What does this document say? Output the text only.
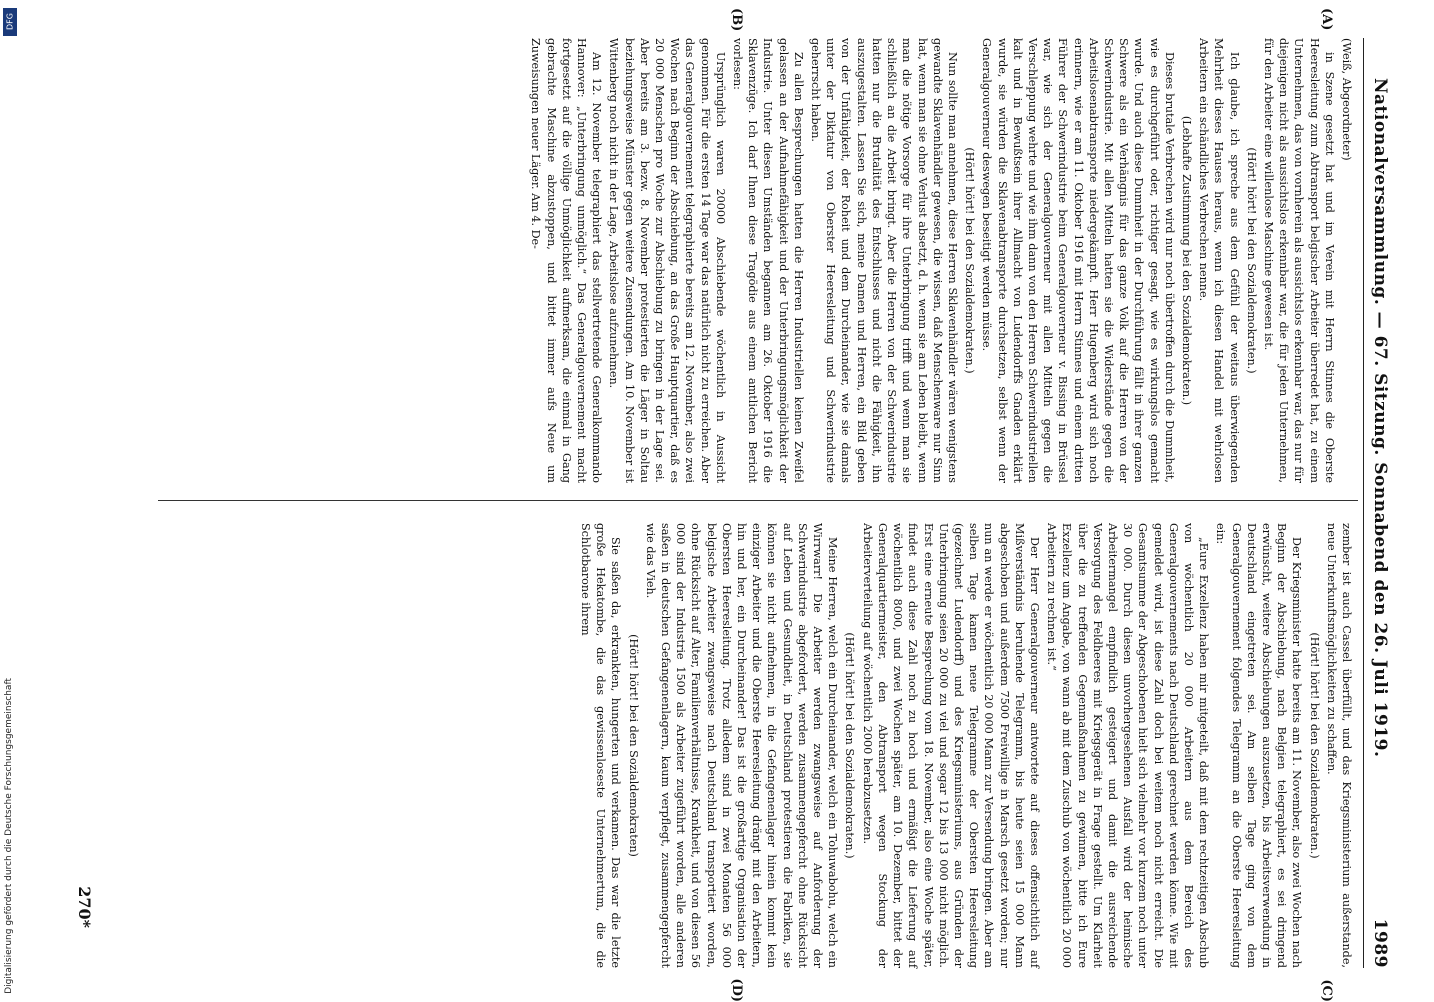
Nationalversammlung. — 67. Sitzung. Sonnabend den 26. Juli 1919.
1989
(A)
(B)
(C)
(D)

(Weiß, Abgeordneter)

in Szene gesetzt hat und im Verein mit Herrn Stinnes die Oberste Heeresleitung zum Abtransport belgischer Arbeiter überredet hat, zu einem Unternehmen, das von vornherein als aussichtslos erkennbar war, das nur für diejenigen nicht als aussichtslos erkennbar war, die für jeden Unternehmen, für den Arbeiter eine willenlose Maschine gewesen ist.

(Hört! hört! bei den Sozialdemokraten.)

Ich glaube, ich spreche aus dem Gefühl der weitaus überwiegenden Mehrheit dieses Hauses heraus, wenn ich diesen Handel mit wehrlosen Arbeitern ein schändliches Verbrechen nenne.

(Lebhafte Zustimmung bei den Sozialdemokraten.)

Dieses brutale Verbrechen wird nur noch übertroffen durch die Dummheit, wie es durchgeführt oder, richtiger gesagt, wie es wirkungslos gemacht wurde. Und auch diese Dummheit in der Durchführung fällt in ihrer ganzen Schwere als ein Verhängnis für das ganze Volk auf die Herren von der Schwerindustrie. Mit allen Mitteln hatten sie die Widerstände gegen die Arbeitslosenabtransporte niedergekämpft. Herr Hugenberg wird sich noch erinnern, wie er am 11. Oktober 1916 mit Herrn Stinnes und einem dritten Führer der Schwerindustrie beim Generalgouverneur v. Bissing in Brüssel war, wie sich der Generalgouverneur mit allen Mitteln gegen die Verschleppung wehrte und wie ihm dann von den Herren Schwerindustriellen kalt und in Bewußtsein ihrer Allmacht von Ludendorffs Gnaden erklärt wurde, sie würden die Sklavenabtransporte durchsetzen, selbst wenn der Generalgouverneur deswegen beseitigt werden müsse.

(Hört! hört! bei den Sozialdemokraten.)

Nun sollte man annehmen, diese Herren Sklavenhändler wären wenigstens gewandte Sklavenhändler gewesen, die wissen, daß Menschenware nur Sinn hat, wenn man sie ohne Verlust absetzt, d. h. wenn sie am Leben bleibt, wenn man die nötige Vorsorge für ihre Unterbringung trifft und wenn man sie schließlich an die Arbeit bringt. Aber die Herren von der Schwerindustrie hatten nur die Brutalität des Entschlusses und nicht die Fähigkeit, ihn auszugestalten. Lassen Sie sich, meine Damen und Herren, ein Bild geben von der Unfähigkeit, der Roheit und dem Durcheinander, wie sie damals unter der Diktatur von Oberster Heeresleitung und Schwerindustrie geherrscht haben.

Zu allen Besprechungen hatten die Herren Industriellen keinen Zweifel gelassen an der Aufnahmefähigkeit und der Unterbringungsmöglichkeit der Industrie. Unter diesen Umständen begannen am 26. Oktober 1916 die Sklavenzüge. Ich darf Ihnen diese Tragödie aus einem amtlichen Bericht vorlesen:

Ursprünglich waren 20000 Abschiebende wöchentlich in Aussicht genommen. Für die ersten 14 Tage war das natürlich nicht zu erreichen. Aber das Generalgouvernement telegraphierte bereits am 12. November, also zwei Wochen nach Beginn der Abschiebung, an das Große Hauptquartier, daß es 20 000 Menschen pro Woche zur Abschiebung zu bringen in der Lage sei. Aber bereits am 3. bezw. 8. November protestierten die Läger in Soltau beziehungsweise Münster gegen weitere Zusendungen. Am 10. November ist Wittenberg noch nicht in der Lage, Arbeitslose aufzunehmen.

Am 12. November telegraphiert das stellvertretende Generalkommando Hannover: „Unterbringung unmöglich.“ Das Generalgouvernement macht fortgesetzt auf die völlige Unmöglichkeit aufmerksam, die einmal in Gang gebrachte Maschine abzustoppen, und bittet immer aufs Neue um Zuweisungen neuer Läger. Am 4. De-

zember ist auch Cassel überfüllt, und das Kriegsministerium außerstande, neue Unterkunftsmöglichkeiten zu schaffen.

(Hört! hört! bei den Sozialdemokraten.)

Der Kriegsminister hatte bereits am 11. November, also zwei Wochen nach Beginn der Abschiebung, nach Belgien telegraphiert, es sei dringend erwünscht, weitere Abschiebungen auszusetzen, bis Arbeitsverwendung in Deutschland eingetreten sei. Am selben Tage ging von dem Generalgouvernement folgendes Telegramm an die Oberste Heeresleitung ein:

„Eure Exzellenz haben mir mitgeteilt, daß mit dem rechtzeitigen Abschub von wöchentlich 20 000 Arbeitern aus dem Bereich des Generalgouvernements nach Deutschland gerechnet werden könne. Wie mit gemeldet wird, ist diese Zahl doch bei weitem noch nicht erreicht. Die Gesamtsumme der Abgeschobenen hielt sich vielmehr vor kurzem noch unter 30 000. Durch diesen unvorhergesehenen Ausfall wird der heimische Arbeitermangel empfindlich gesteigert und damit die ausreichende Versorgung des Feldheeres mit Kriegsgerät in Frage gestellt. Um Klarheit über die zu treffenden Gegenmaßnahmen zu gewinnen, bitte ich Eure Exzellenz um Angabe, von wann ab mit dem Zuschub von wöchentlich 20 000 Arbeitern zu rechnen ist.“

Der Herr Generalgouverneur antwortete auf dieses offensichtlich auf Mißverständnis beruhende Telegramm, bis heute seien 15 000 Mann abgeschoben und außerdem 7500 Freiwillige in Marsch gesetzt worden; nur nun an werde er wöchentlich 20 000 Mann zur Versendung bringen. Aber am selben Tage kamen neue Telegramme der Obersten Heeresleitung (gezeichnet Ludendorff) und des Kriegsministeriums, aus Gründen der Unterbringung seien 20 000 zu viel und sogar 12 bis 13 000 nicht möglich. Erst eine erneute Besprechung vom 18. November, also eine Woche später, findet auch diese Zahl noch zu hoch und ermäßigt die Lieferung auf wöchentlich 8000, und zwei Wochen später, am 10. Dezember, bittet der Generalquartiermeister, den Abtransport wegen Stockung der Arbeiterverteilung auf wöchentlich 2000 herabzusetzen.

(Hört! hört! bei den Sozialdemokraten.)

Meine Herren, welch ein Durcheinander, welch ein Tohuwabohu, welch ein Wirrwarr! Die Arbeiter werden zwangsweise auf Anforderung der Schwerindustrie abgefordert, werden zusammengepfercht ohne Rücksicht auf Leben und Gesundheit, in Deutschland protestieren die Fabriken, sie können sie nicht aufnehmen, in die Gefangenenlager hinein kommt kein einziger Arbeiter und die Oberste Heeresleitung drängt mit den Arbeitern, hin und her, ein Durcheinander! Das ist die großartige Organisation der Obersten Heeresleitung. Trotz alledem sind in zwei Monaten 56 000 belgische Arbeiter zwangsweise nach Deutschland transportiert worden, ohne Rücksicht auf Alter, Familienverhältnisse, Krankheit, und von diesen 56 000 sind der Industrie 1500 als Arbeiter zugeführt worden, alle anderen saßen in deutschen Gefangenenlagern, kaum verpflegt, zusammengepfercht wie das Vieh.

(Hört! hört! bei den Sozialdemokraten)

Sie saßen da, erkrankten, hungerten und verkamen. Das war die letzte große Hekatombe, die das gewissenloseste Unternehmertum, die die Schlotbarone ihrem

270*
Digitalisierung gefördert durch die Deutsche Forschungsgemeinschaft
DFG
